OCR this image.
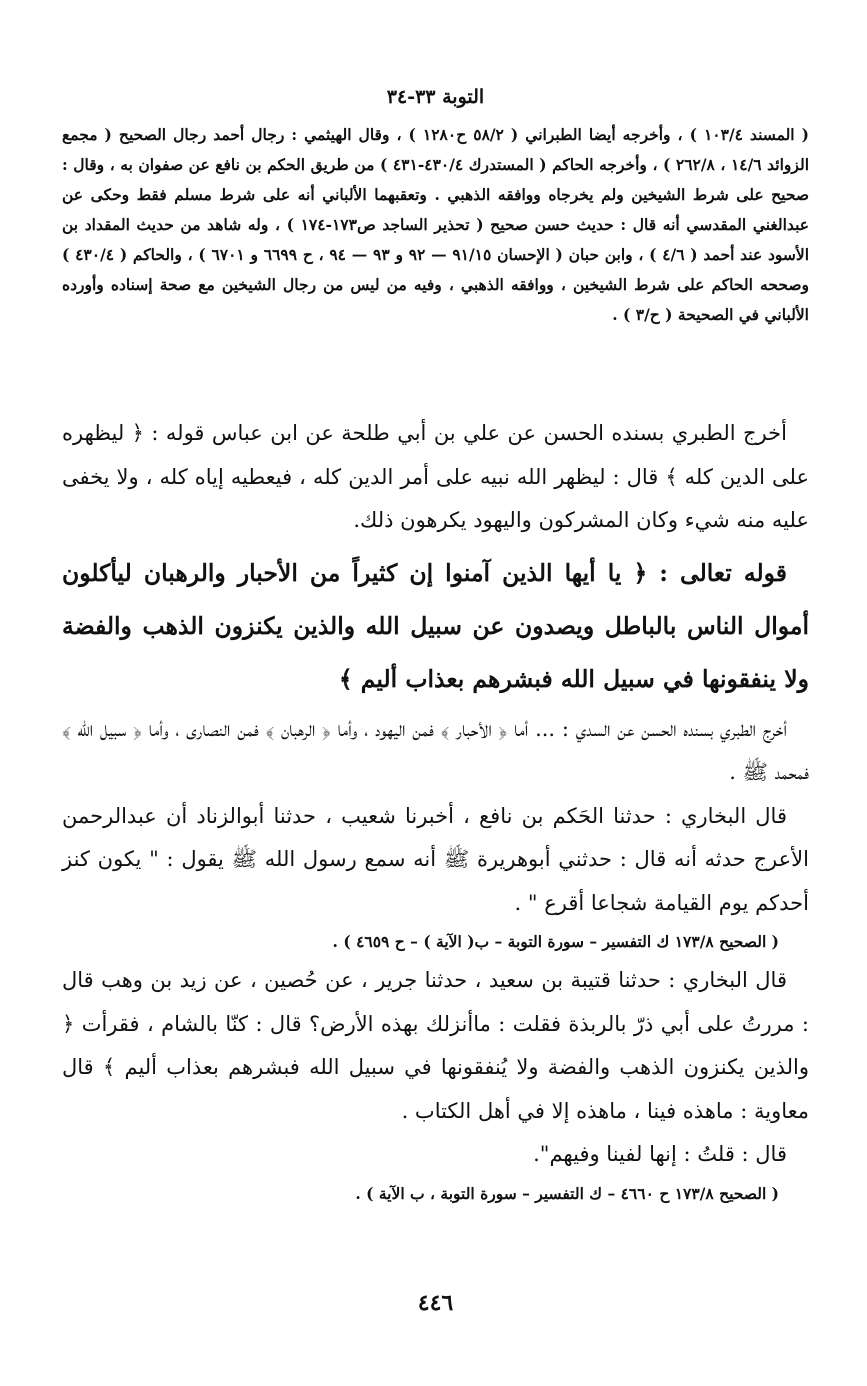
التوبة ٣٣-٣٤
( المسند ١٠٣/٤ ) ، وأخرجه أيضا الطبراني ( ٥٨/٢ ح١٢٨٠ ) ، وقال الهيثمي : رجال أحمد رجال الصحيح ( مجمع الزوائد ١٤/٦ ، ٢٦٢/٨ ) ، وأخرجه الحاكم ( المستدرك ٤٣٠/٤-٤٣١ ) من طريق الحكم بن نافع عن صفوان به ، وقال : صحيح على شرط الشيخين ولم يخرجاه ووافقه الذهبي . وتعقبهما الألباني أنه على شرط مسلم فقط وحكى عن عبدالغني المقدسي أنه قال : حديث حسن صحيح ( تحذير الساجد ص١٧٣-١٧٤ ) ، وله شاهد من حديث المقداد بن الأسود عند أحمد ( ٤/٦ ) ، وابن حبان ( الإحسان ٩١/١٥ — ٩٢ و ٩٣ — ٩٤ ، ح ٦٦٩٩ و ٦٧٠١ ) ، والحاكم ( ٤٣٠/٤ ) وصححه الحاكم على شرط الشيخين ، ووافقه الذهبي ، وفيه من ليس من رجال الشيخين مع صحة إسناده وأورده الألباني في الصحيحة ( ح/٣ ) .

أخرج الطبري بسنده الحسن عن علي بن أبي طلحة عن ابن عباس قوله : ﴿ ليظهره على الدين كله ﴾ قال : ليظهر الله نبيه على أمر الدين كله ، فيعطيه إياه كله ، ولا يخفى عليه منه شيء وكان المشركون واليهود يكرهون ذلك.

قوله تعالى : ﴿ يا أيها الذين آمنوا إن كثيراً من الأحبار والرهبان ليأكلون أموال الناس بالباطل ويصدون عن سبيل الله والذين يكنزون الذهب والفضة ولا ينفقونها في سبيل الله فبشرهم بعذاب أليم ﴾

أخرج الطبري بسنده الحسن عن السدي : ... أما ﴿ الأحبار ﴾ فمن اليهود ، وأما ﴿ الرهبان ﴾ فمن النصارى ، وأما ﴿ سبيل الله ﴾ فمحمد ﷺ .

قال البخاري : حدثنا الحَكم بن نافع ، أخبرنا شعيب ، حدثنا أبوالزناد أن عبدالرحمن الأعرج حدثه أنه قال : حدثني أبوهريرة ﷺ أنه سمع رسول الله ﷺ يقول : " يكون كنز أحدكم يوم القيامة شجاعا أقرع " .

( الصحيح ١٧٣/٨ ك التفسير – سورة التوبة – ب( الآية ) – ح ٤٦٥٩ ) .

قال البخاري : حدثنا قتيبة بن سعيد ، حدثنا جرير ، عن حُصين ، عن زيد بن وهب قال : مررتُ على أبي ذرّ بالربذة فقلت : ماأنزلك بهذه الأرض؟ قال : كنّا بالشام ، فقرأت ﴿ والذين يكنزون الذهب والفضة ولا يُنفقونها في سبيل الله فبشرهم بعذاب أليم ﴾ قال معاوية : ماهذه فينا ، ماهذه إلا في أهل الكتاب .

قال : قلتُ : إنها لفينا وفيهم".

( الصحيح ١٧٣/٨ ح ٤٦٦٠ – ك التفسير – سورة التوبة ، ب الآية ) .

٤٤٦
